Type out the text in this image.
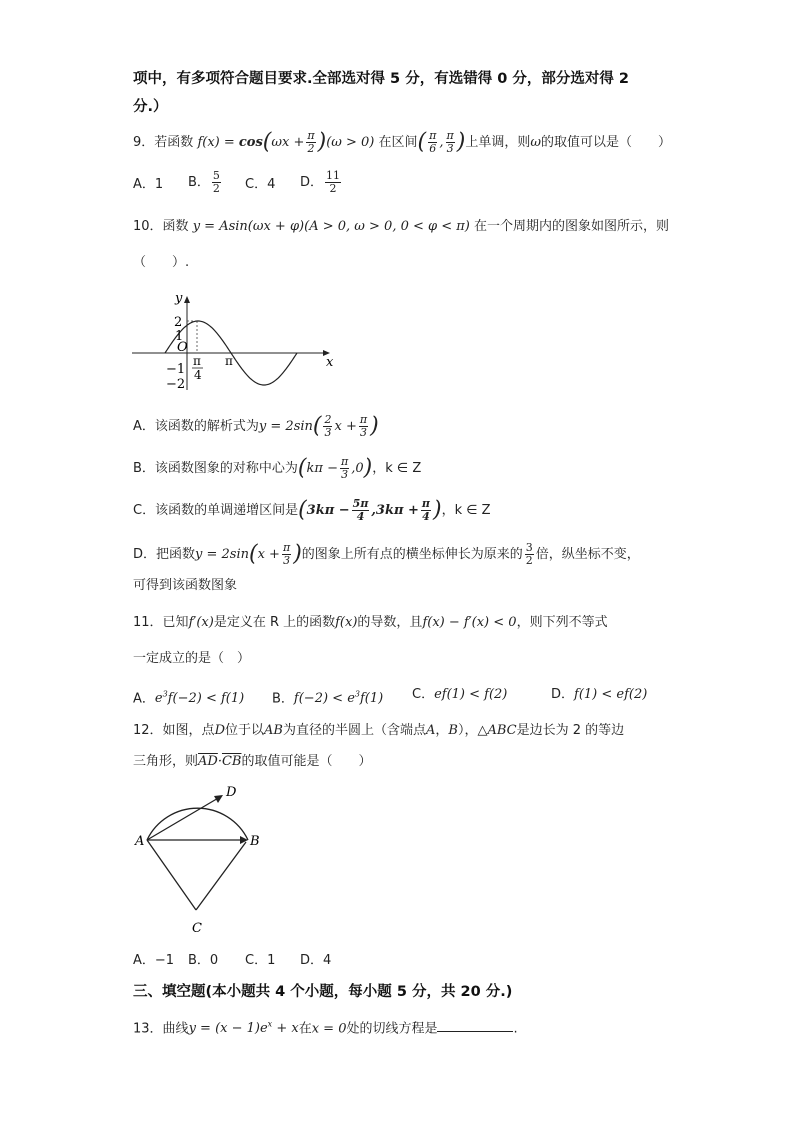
项中，有多项符合题目要求.全部选对得 5 分，有选错得 0 分，部分选对得 2
分.）
9．若函数 $f(x) = \cos(\omega x + \frac{\pi}{2} )(\omega > 0)$ 在区间( $\frac{\pi}{6}$ , $\frac{\pi}{3}$ )上单调，则ω的取值可以是（　　）
A．1 B． $\frac{5}{2}$ C．4 D． $\frac{11}{2}$
10．函数 y = Asin(ωx + φ)(A > 0, ω > 0, 0 < φ < π) 在一个周期内的图象如图所示，则
（　　）.
y
x
2
1
O
−1
−2
π
4
π
A．该函数的解析式为$y = 2\sin( \frac{2}{3}$ $x + \frac{\pi}{3}$ )
B．该函数图象的对称中心为$(k\pi - \frac{\pi}{3} ,0)$，k ∈ Z
C．该函数的单调递增区间是($3k\pi - \frac{5\pi}{4} ,3k\pi + \frac{\pi}{4}$ )，k ∈ Z
D．把函数$y = 2\sin(x + \frac{\pi}{3}$ )的图象上所有点的横坐标伸长为原来的 $\frac{3}{2}$ 倍，纵坐标不变，
可得到该函数图象
11．已知f′(x)是定义在 R 上的函数f(x)的导数，且f(x) − f′(x) < 0，则下列不等式
一定成立的是（　）
A．$e^3f(-2) < f(1)$ B．$f(-2) < e^3f(1)$ C．ef(1) < f(2)	D．f(1) < ef(2)
12．如图，点D位于以AB为直径的半圆上（含端点A，B），△ABC是边长为 2 的等边
三角形，则$\overline{AD}\cdot\overline{CB}$的取值可能是（　　）
A	B
C
D
A．−1 B．0 C．1 D．4
三、填空题(本小题共 4 个小题，每小题 5 分，共 20 分.)
13．曲线$y = (x - 1)e^x + x$在x = 0处的切线方程是	.
